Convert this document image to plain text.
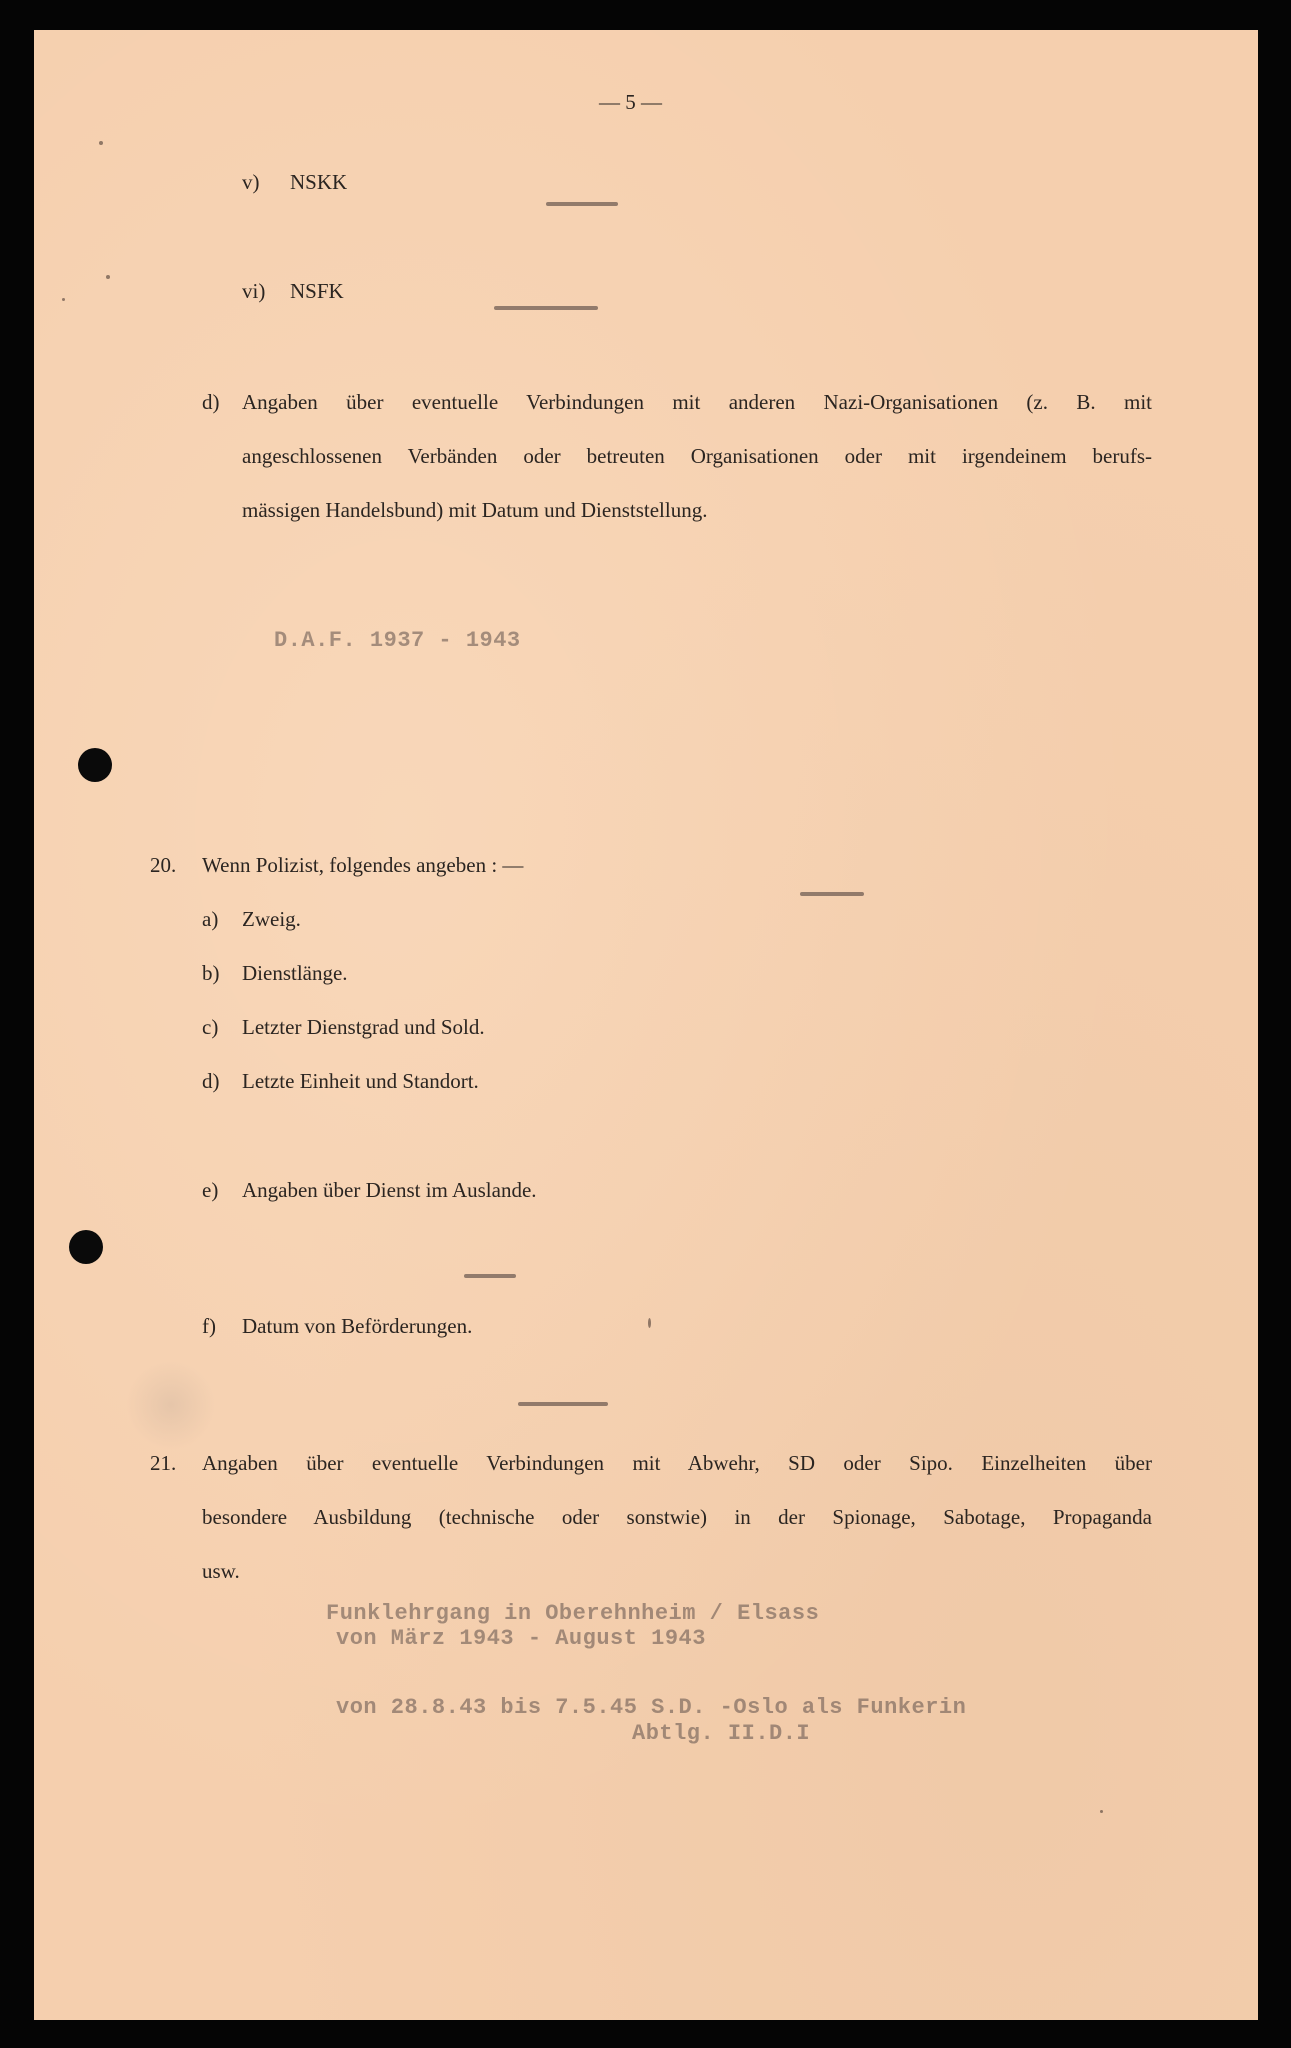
— 5 —
v) NSKK
vi) NSFK
d) Angaben über eventuelle Verbindungen mit anderen Nazi-Organisationen (z. B. mit
angeschlossenen Verbänden oder betreuten Organisationen oder mit irgendeinem berufs-
mässigen Handelsbund) mit Datum und Dienststellung.
D.A.F. 1937 - 1943
20. Wenn Polizist, folgendes angeben : —
a) Zweig.
b) Dienstlänge.
c) Letzter Dienstgrad und Sold.
d) Letzte Einheit und Standort.
e) Angaben über Dienst im Auslande.
f) Datum von Beförderungen.
21. Angaben über eventuelle Verbindungen mit Abwehr, SD oder Sipo. Einzelheiten über
besondere Ausbildung (technische oder sonstwie) in der Spionage, Sabotage, Propaganda
usw.
Funklehrgang in Oberehnheim / Elsass
von März 1943 - August 1943
von 28.8.43 bis 7.5.45 S.D. -Oslo als Funkerin
Abtlg. II.D.I
